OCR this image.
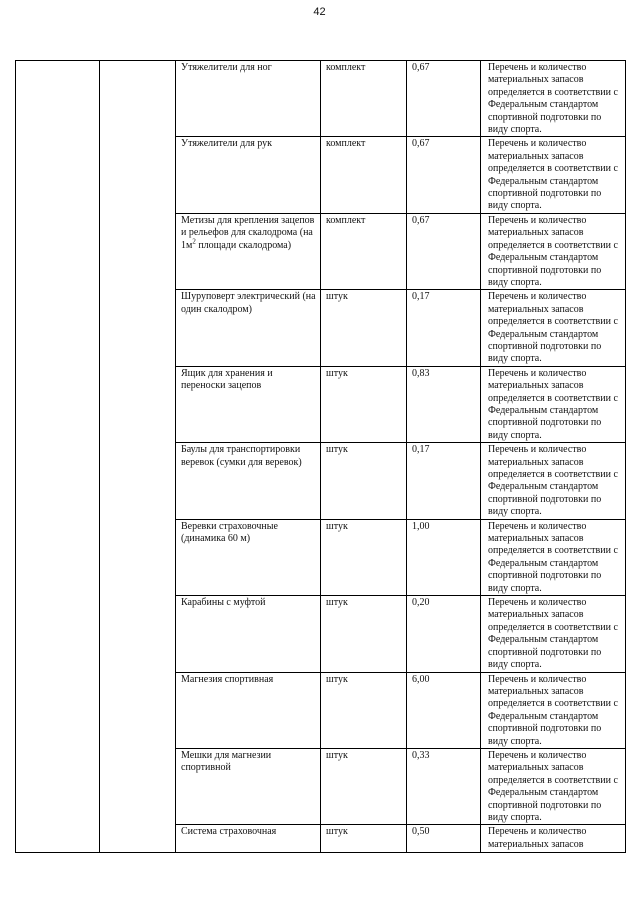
42
		Утяжелители для ног	комплект	0,67	Перечень и количество материальных запасов определяется в соответствии с Федеральным стандартом спортивной подготовки по виду спорта.

		Утяжелители для рук	комплект	0,67	Перечень и количество материальных запасов определяется в соответствии с Федеральным стандартом спортивной подготовки по виду спорта.

		Метизы для крепления зацепов и рельефов для скалодрома (на $1м^2$ площади скалодрома)	комплект	0,67	Перечень и количество материальных запасов определяется в соответствии с Федеральным стандартом спортивной подготовки по виду спорта.

		Шуруповерт электрический (на один скалодром)	штук	0,17	Перечень и количество материальных запасов определяется в соответствии с Федеральным стандартом спортивной подготовки по виду спорта.

		Ящик для хранения и переноски зацепов	штук	0,83	Перечень и количество материальных запасов определяется в соответствии с Федеральным стандартом спортивной подготовки по виду спорта.

		Баулы для транспортировки веревок (сумки для веревок)	штук	0,17	Перечень и количество материальных запасов определяется в соответствии с Федеральным стандартом спортивной подготовки по виду спорта.

		Веревки страховочные (динамика 60 м)	штук	1,00	Перечень и количество материальных запасов определяется в соответствии с Федеральным стандартом спортивной подготовки по виду спорта.

		Карабины с муфтой	штук	0,20	Перечень и количество материальных запасов определяется в соответствии с Федеральным стандартом спортивной подготовки по виду спорта.

		Магнезия спортивная	штук	6,00	Перечень и количество материальных запасов определяется в соответствии с Федеральным стандартом спортивной подготовки по виду спорта.

		Мешки для магнезии спортивной	штук	0,33	Перечень и количество материальных запасов определяется в соответствии с Федеральным стандартом спортивной подготовки по виду спорта.

		Система страховочная	штук	0,50	Перечень и количество материальных запасов
